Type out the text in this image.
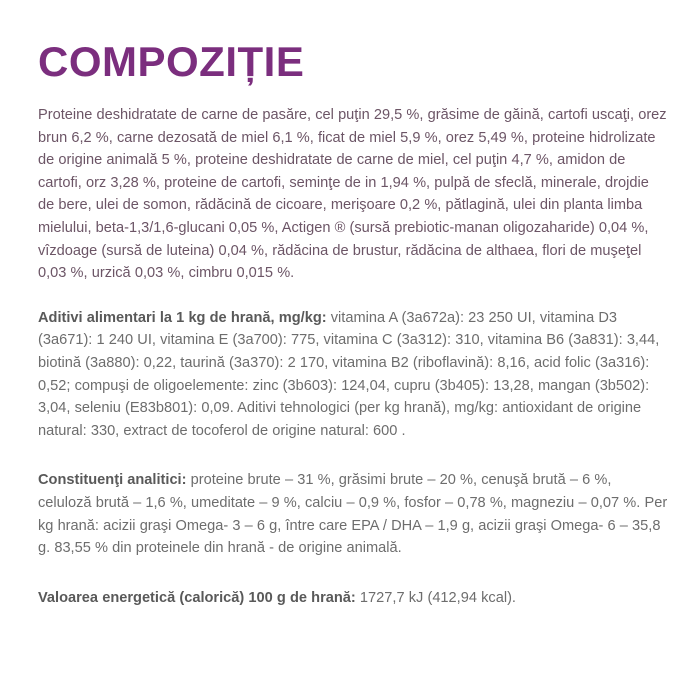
COMPOZIȚIE

Proteine deshidratate de carne de pasăre, cel puţin 29,5 %, grăsime de găină, cartofi uscaţi, orez brun 6,2 %, carne dezosată de miel 6,1 %, ficat de miel 5,9 %, orez 5,49 %, proteine hidrolizate de origine animală 5 %, proteine deshidratate de carne de miel, cel puţin 4,7 %, amidon de cartofi, orz 3,28 %, proteine de cartofi, seminţe de in 1,94 %, pulpă de sfeclă, minerale, drojdie de bere, ulei de somon, rădăcină de cicoare, merişoare 0,2 %, pătlagină, ulei din planta limba mielului, beta-1,3/1,6-glucani 0,05 %, Actigen ® (sursă prebiotic-manan oligozaharide) 0,04 %, vîzdoage (sursă de luteina) 0,04 %, rădăcina de brustur, rădăcina de althaea, flori de muşeţel 0,03 %, urzică 0,03 %, cimbru 0,015 %.

Aditivi alimentari la 1 kg de hrană, mg/kg: vitamina A (3a672a): 23 250 UI, vitamina D3 (3a671): 1 240 UI, vitamina E (3a700): 775, vitamina C (3a312): 310, vitamina B6 (3a831): 3,44, biotină (3a880): 0,22, taurină (3a370): 2 170, vitamina B2 (riboflavină): 8,16, acid folic (3a316): 0,52; compuşi de oligoelemente: zinc (3b603): 124,04, cupru (3b405): 13,28, mangan (3b502): 3,04, seleniu (E83b801): 0,09. Aditivi tehnologici (per kg hrană), mg/kg: antioxidant de origine natural: 330, extract de tocoferol de origine natural: 600 .

Constituenţi analitici: proteine brute – 31 %, grăsimi brute – 20 %, cenuşă brută – 6 %, celuloză brută – 1,6 %, umeditate – 9 %, calciu – 0,9 %, fosfor – 0,78 %, magneziu – 0,07 %. Per kg hrană: acizii graşi Omega- 3 – 6 g, între care EPA / DHA – 1,9 g, acizii graşi Omega- 6 – 35,8 g. 83,55 % din proteinele din hrană - de origine animală.

Valoarea energetică (calorică) 100 g de hrană: 1727,7 kJ (412,94 kcal).
